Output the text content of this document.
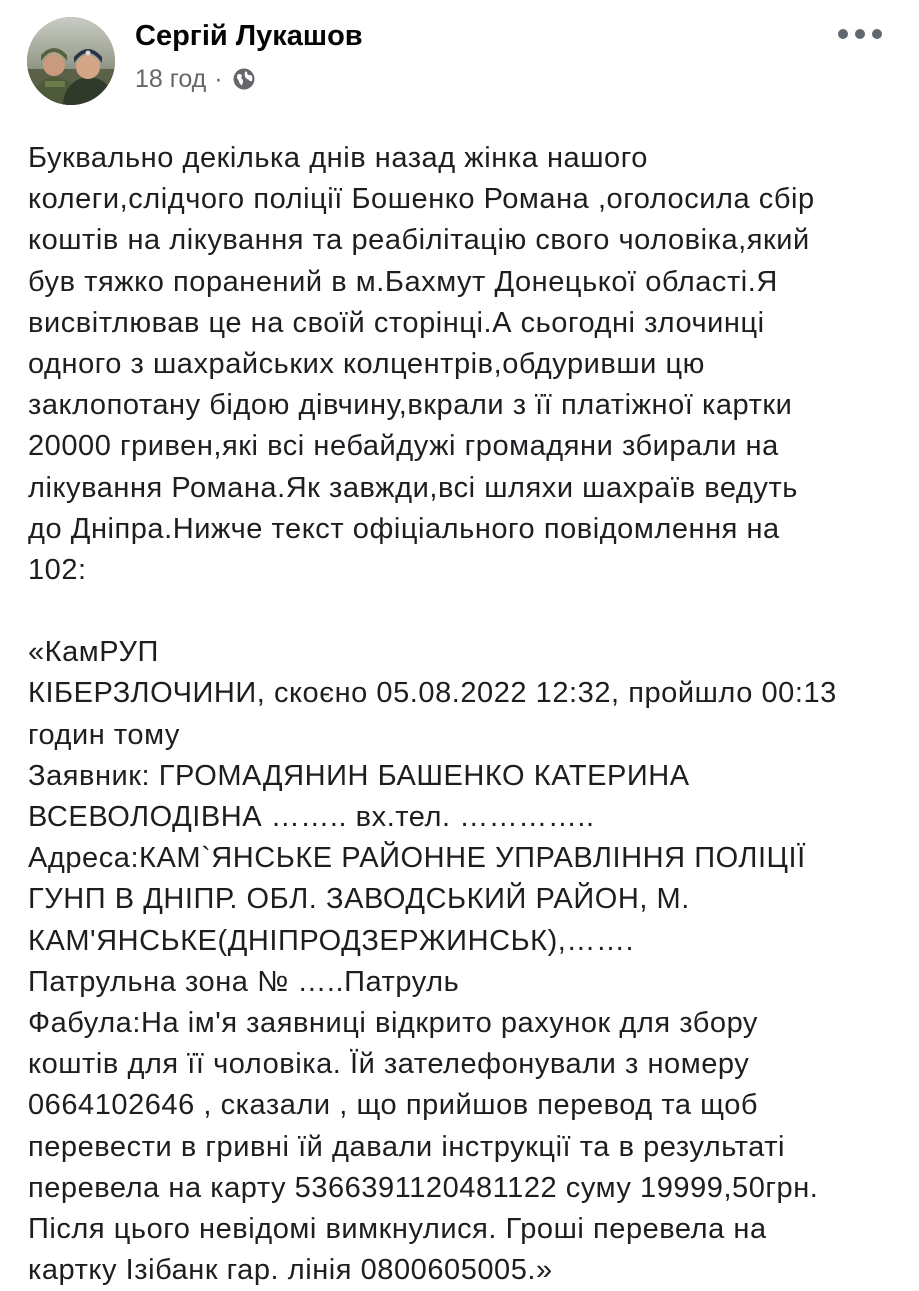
Сергій Лукашов
18 год ·
Буквально декілька днів назад жінка нашого
колеги,слідчого поліції Бошенко Романа ,оголосила сбір
коштів на лікування та реабілітацію свого чоловіка,який
був тяжко поранений в м.Бахмут Донецької області.Я
висвітлював це на своїй сторінці.А сьогодні злочинці
одного з шахрайських колцентрів,обдуривши цю
заклопотану бідою дівчину,вкрали з її платіжної картки
20000 гривен,які всі небайдужі громадяни збирали на
лікування Романа.Як завжди,всі шляхи шахраїв ведуть
до Дніпра.Нижче текст офіціального повідомлення на
102:
«КамРУП
КІБЕРЗЛОЧИНИ, скоєно 05.08.2022 12:32, пройшло 00:13
годин тому
Заявник: ГРОМАДЯНИН БАШЕНКО КАТЕРИНА
ВСЕВОЛОДІВНА …….. вх.тел. …………..
Адреса:КАМ`ЯНСЬКЕ РАЙОННЕ УПРАВЛІННЯ ПОЛІЦІЇ
ГУНП В ДНІПР. ОБЛ. ЗАВОДСЬКИЙ РАЙОН, М.
КАМ'ЯНСЬКЕ(ДНІПРОДЗЕРЖИНСЬК),…….
Патрульна зона № …..Патруль
Фабула:На ім'я заявниці відкрито рахунок для збору
коштів для її чоловіка. Їй зателефонували з номеру
0664102646 , сказали , що прийшов перевод та щоб
перевести в гривні їй давали інструкції та в результаті
перевела на карту 5366391120481122 суму 19999,50грн.
Після цього невідомі вимкнулися. Гроші перевела на
картку Ізібанк гар. лінія 0800605005.»
